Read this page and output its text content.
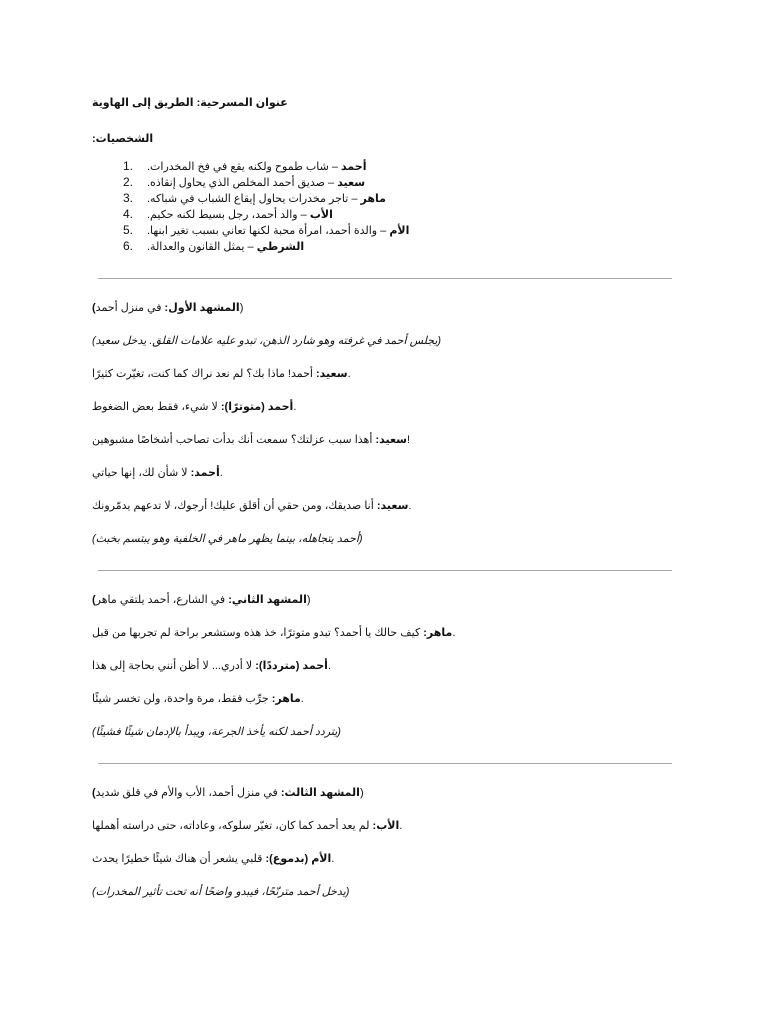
عنوان المسرحية: الطريق إلى الهاوية

:الشخصيات

1.	أحمد – شاب طموح ولكنه يقع في فخ المخدرات.
2.	سعيد – صديق أحمد المخلص الذي يحاول إنقاذه.
3.	ماهر – تاجر مخدرات يحاول إيقاع الشباب في شباكه.
4.	الأب – والد أحمد، رجل بسيط لكنه حكيم.
5.	الأم – والدة أحمد، امرأة محبة لكنها تعاني بسبب تغير ابنها.
6.	الشرطي – يمثل القانون والعدالة.

(المشهد الأول: في منزل أحمد)

(يجلس أحمد في غرفته وهو شارد الذهن، تبدو عليه علامات القلق. يدخل سعيد)

سعيد: أحمد! ماذا بك؟ لم نعد نراك كما كنت، تغيّرت كثيرًا.

أحمد (متوترًا): لا شيء، فقط بعض الضغوط.

سعيد: أهذا سبب عزلتك؟ سمعت أنك بدأت تصاحب أشخاصًا مشبوهين!

أحمد: لا شأن لك، إنها حياتي.

سعيد: أنا صديقك، ومن حقي أن أقلق عليك! أرجوك، لا تدعهم يدمّرونك.

(أحمد يتجاهله، بينما يظهر ماهر في الخلفية وهو يبتسم بخبث)

(المشهد الثاني: في الشارع، أحمد يلتقي ماهر)

ماهر: كيف حالك يا أحمد؟ تبدو متوترًا، خذ هذه وستشعر براحة لم تجربها من قبل.

أحمد (مترددًا): لا أدري... لا أظن أنني بحاجة إلى هذا.

ماهر: جرِّب فقط، مرة واحدة، ولن تخسر شيئًا.

(يتردد أحمد لكنه يأخذ الجرعة، ويبدأ بالإدمان شيئًا فشيئًا)

(المشهد الثالث: في منزل أحمد، الأب والأم في قلق شديد)

الأب: لم يعد أحمد كما كان، تغيّر سلوكه، وعاداته، حتى دراسته أهملها.

الأم (بدموع): قلبي يشعر أن هناك شيئًا خطيرًا يحدث.

(يدخل أحمد مترنّحًا، فيبدو واضحًا أنه تحت تأثير المخدرات)
